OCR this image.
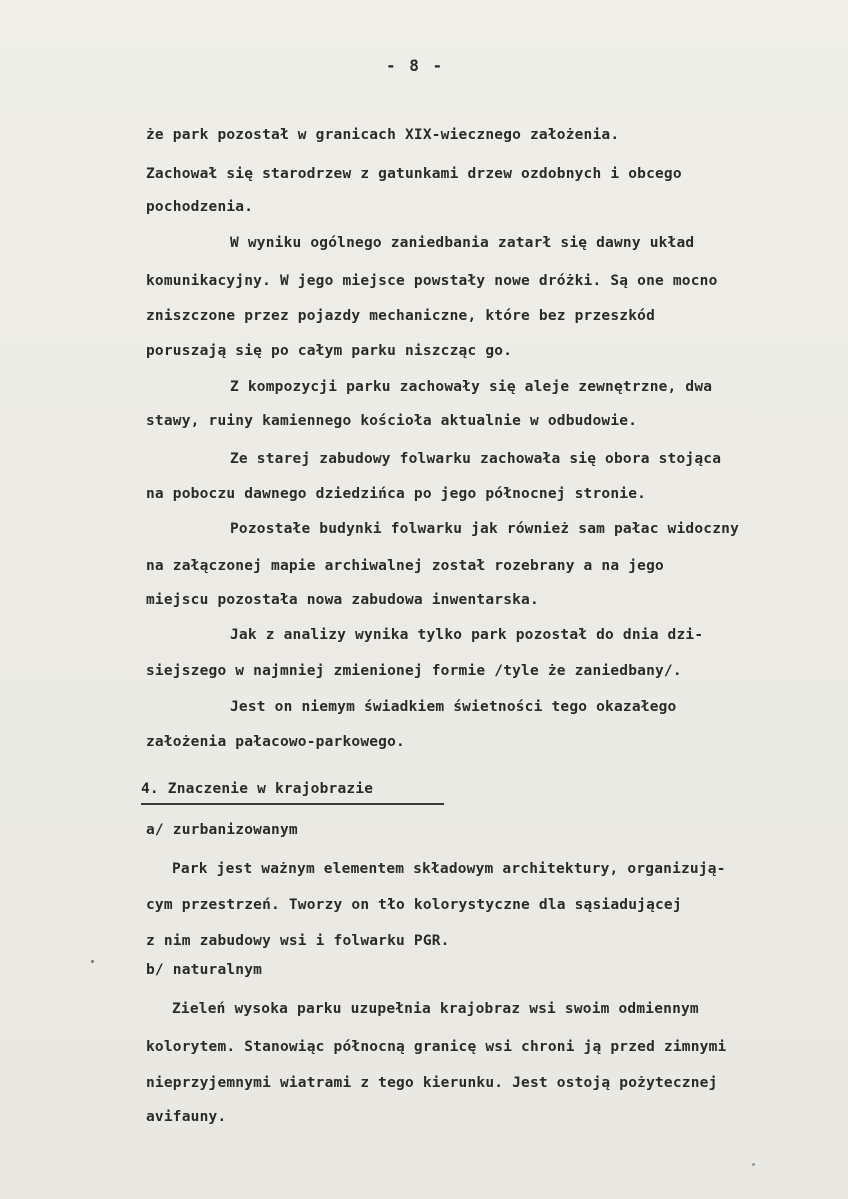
- 8 -
że park pozostał w granicach XIX-wiecznego założenia.
Zachował się starodrzew z gatunkami drzew ozdobnych i obcego
pochodzenia.
W wyniku ogólnego zaniedbania zatarł się dawny układ
komunikacyjny. W jego miejsce powstały nowe dróżki. Są one mocno
zniszczone przez pojazdy mechaniczne, które bez przeszkód
poruszają się po całym parku niszcząc go.
Z kompozycji parku zachowały się aleje zewnętrzne, dwa
stawy, ruiny kamiennego kościoła aktualnie w odbudowie.
Ze starej zabudowy folwarku zachowała się obora stojąca
na poboczu dawnego dziedzińca po jego północnej stronie.
Pozostałe budynki folwarku jak również sam pałac widoczny
na załączonej mapie archiwalnej został rozebrany a na jego
miejscu pozostała nowa zabudowa inwentarska.
Jak z analizy wynika tylko park pozostał do dnia dzi-
siejszego w najmniej zmienionej formie /tyle że zaniedbany/.
Jest on niemym świadkiem świetności tego okazałego
założenia pałacowo-parkowego.
4. Znaczenie w krajobrazie
a/ zurbanizowanym
Park jest ważnym elementem składowym architektury, organizują-
cym przestrzeń. Tworzy on tło kolorystyczne dla sąsiadującej
z nim zabudowy wsi i folwarku PGR.
b/ naturalnym
Zieleń wysoka parku uzupełnia krajobraz wsi swoim odmiennym
kolorytem. Stanowiąc północną granicę wsi chroni ją przed zimnymi
nieprzyjemnymi wiatrami z tego kierunku. Jest ostoją pożytecznej
avifauny.
